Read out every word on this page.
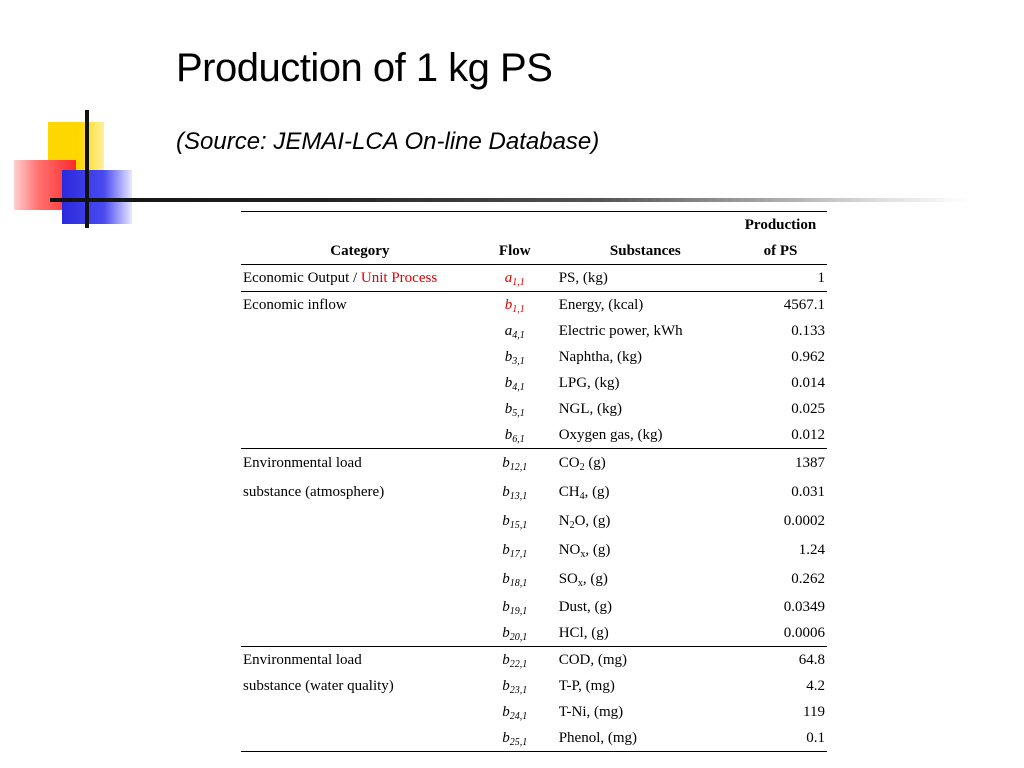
Production of 1 kg PS
(Source: JEMAI-LCA On-line Database)
			Production
Category	Flow	Substances	of PS
Economic Output / Unit Process	$a_{1,1}$	PS, (kg)	1
Economic inflow	$b_{1,1}$	Energy, (kcal)	4567.1
	$a_{4,1}$	Electric power, kWh	0.133
	$b_{3,1}$	Naphtha, (kg)	0.962
	$b_{4,1}$	LPG, (kg)	0.014
	$b_{5,1}$	NGL, (kg)	0.025
	$b_{6,1}$	Oxygen gas, (kg)	0.012
Environmental load	$b_{12,1}$	$CO_2$ (g)	1387
substance (atmosphere)	$b_{13,1}$	$CH_4$, (g)	0.031
	$b_{15,1}$	$N_2O$, (g)	0.0002
	$b_{17,1}$	$NO_x$, (g)	1.24
	$b_{18,1}$	$SO_x$, (g)	0.262
	$b_{19,1}$	Dust, (g)	0.0349
	$b_{20,1}$	HCl, (g)	0.0006
Environmental load	$b_{22,1}$	COD, (mg)	64.8
substance (water quality)	$b_{23,1}$	T-P, (mg)	4.2
	$b_{24,1}$	T-Ni, (mg)	119
	$b_{25,1}$	Phenol, (mg)	0.1
